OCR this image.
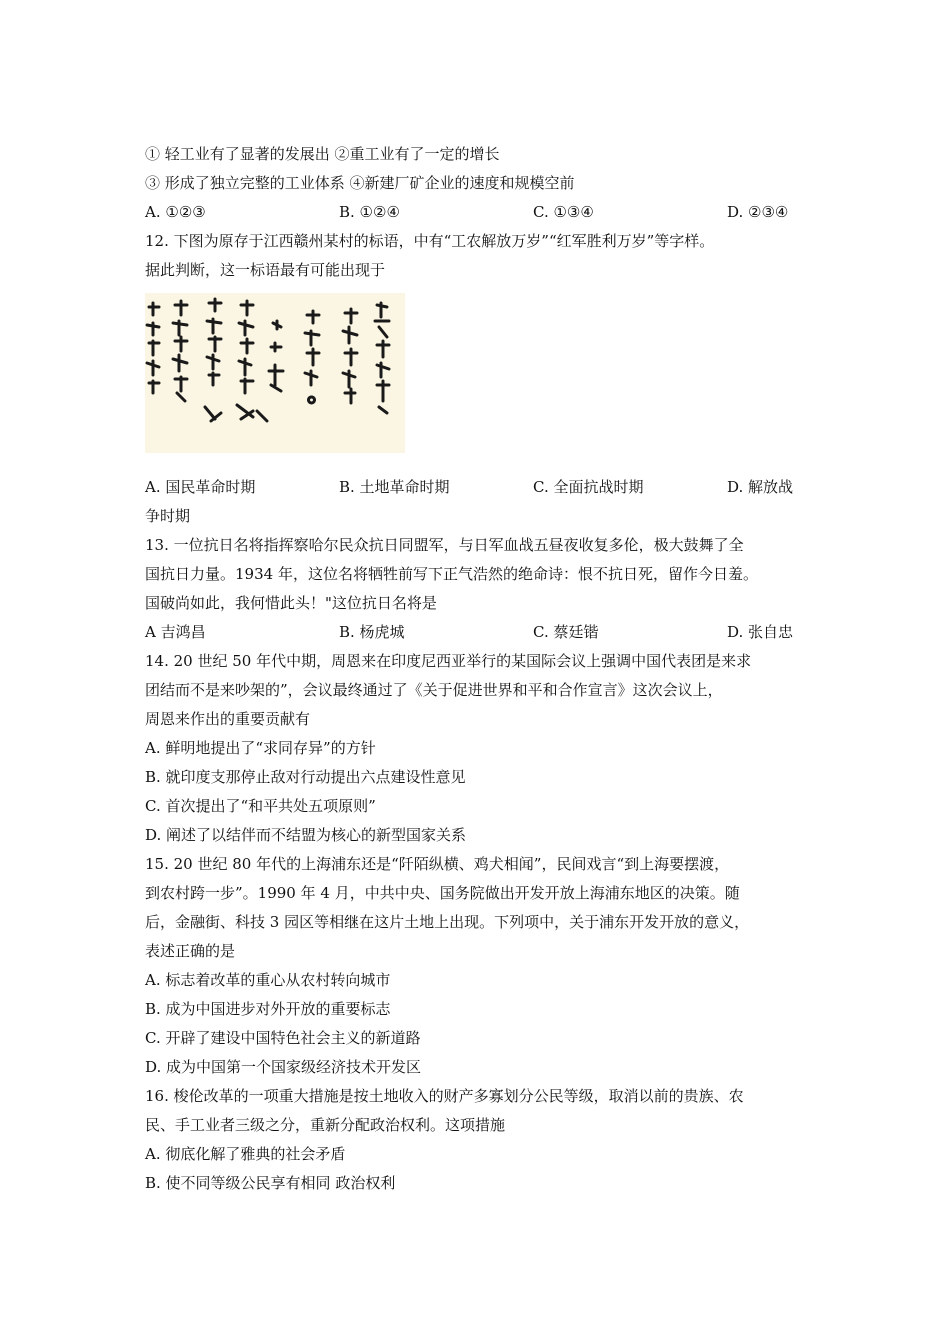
① 轻工业有了显著的发展出 ②重工业有了一定的增长
③ 形成了独立完整的工业体系 ④新建厂矿企业的速度和规模空前
A. ①②③	B. ①②④	C. ①③④	D. ②③④
12. 下图为原存于江西赣州某村的标语，中有“工农解放万岁”“红军胜利万岁”等字样。
据此判断，这一标语最有可能出现于
A. 国民革命时期	B. 土地革命时期	C. 全面抗战时期	D. 解放战
争时期
13. 一位抗日名将指挥察哈尔民众抗日同盟军，与日军血战五昼夜收复多伦，极大鼓舞了全
国抗日力量。1934 年，这位名将牺牲前写下正气浩然的绝命诗：恨不抗日死，留作今日羞。
国破尚如此，我何惜此头！"这位抗日名将是
A 吉鸿昌	B. 杨虎城	C. 蔡廷锴	D. 张自忠
14. 20 世纪 50 年代中期，周恩来在印度尼西亚举行的某国际会议上强调中国代表团是来求
团结而不是来吵架的”，会议最终通过了《关于促进世界和平和合作宣言》这次会议上，
周恩来作出的重要贡献有
A. 鲜明地提出了“求同存异”的方针
B. 就印度支那停止敌对行动提出六点建设性意见
C. 首次提出了“和平共处五项原则”
D. 阐述了以结伴而不结盟为核心的新型国家关系
15. 20 世纪 80 年代的上海浦东还是“阡陌纵横、鸡犬相闻”，民间戏言“到上海要摆渡，
到农村跨一步”。1990 年 4 月，中共中央、国务院做出开发开放上海浦东地区的决策。随
后，金融街、科技 3 园区等相继在这片土地上出现。下列项中，关于浦东开发开放的意义，
表述正确的是
A. 标志着改革的重心从农村转向城市
B. 成为中国进步对外开放的重要标志
C. 开辟了建设中国特色社会主义的新道路
D. 成为中国第一个国家级经济技术开发区
16. 梭伦改革的一项重大措施是按土地收入的财产多寡划分公民等级，取消以前的贵族、农
民、手工业者三级之分，重新分配政治权利。这项措施
A. 彻底化解了雅典的社会矛盾
B. 使不同等级公民享有相同 政治权利
